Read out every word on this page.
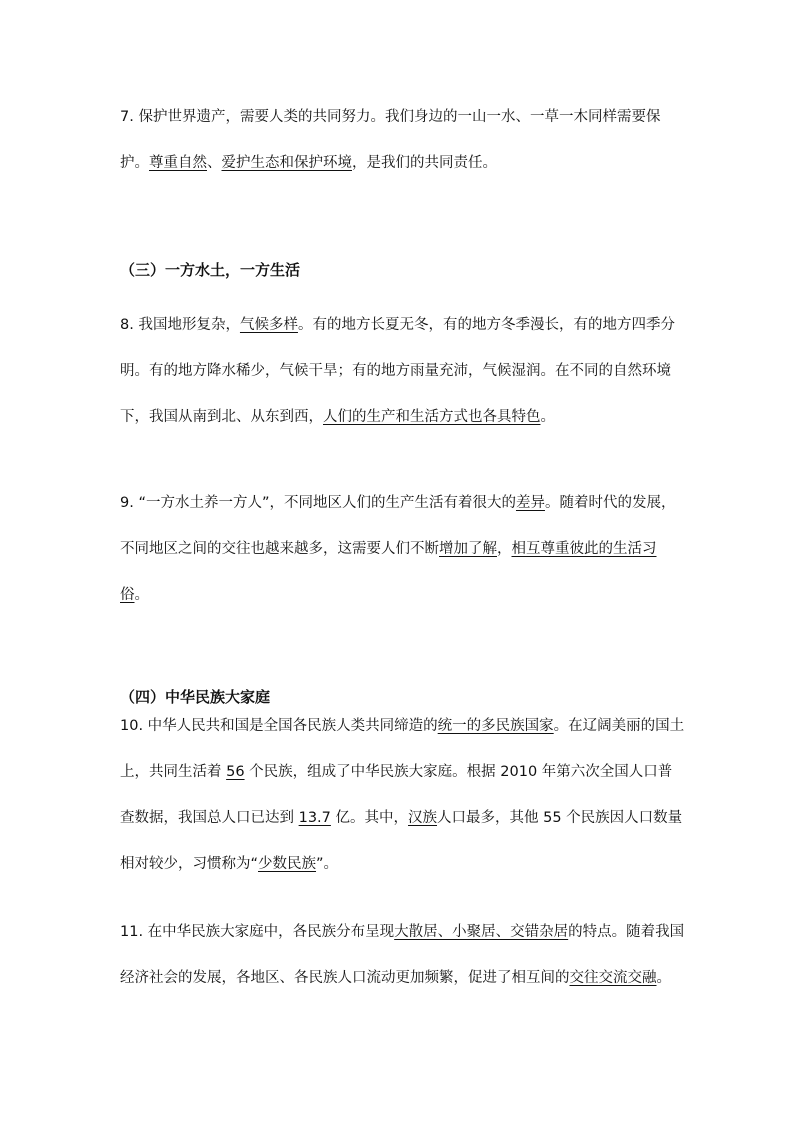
7. 保护世界遗产，需要人类的共同努力。我们身边的一山一水、一草一木同样需要保护。尊重自然、爱护生态和保护环境，是我们的共同责任。

（三）一方水土，一方生活

8. 我国地形复杂，气候多样。有的地方长夏无冬，有的地方冬季漫长，有的地方四季分明。有的地方降水稀少，气候干旱；有的地方雨量充沛，气候湿润。在不同的自然环境下，我国从南到北、从东到西，人们的生产和生活方式也各具特色。

9. “一方水土养一方人”，不同地区人们的生产生活有着很大的差异。随着时代的发展，不同地区之间的交往也越来越多，这需要人们不断增加了解，相互尊重彼此的生活习俗。

（四）中华民族大家庭

10. 中华人民共和国是全国各民族人类共同缔造的统一的多民族国家。在辽阔美丽的国土上，共同生活着 56 个民族，组成了中华民族大家庭。根据 2010 年第六次全国人口普查数据，我国总人口已达到 13.7 亿。其中，汉族人口最多，其他 55 个民族因人口数量相对较少，习惯称为“少数民族”。

11. 在中华民族大家庭中，各民族分布呈现大散居、小聚居、交错杂居的特点。随着我国经济社会的发展，各地区、各民族人口流动更加频繁，促进了相互间的交往交流交融。
